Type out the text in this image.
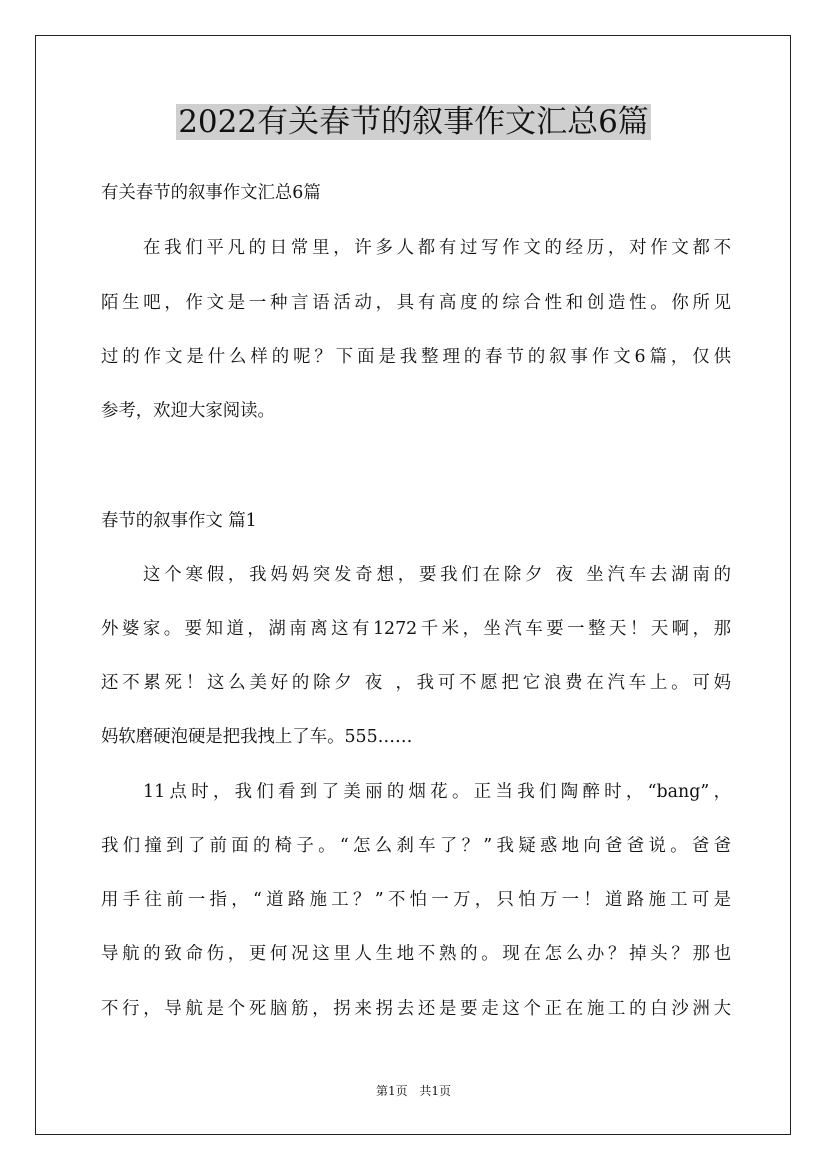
2022有关春节的叙事作文汇总6篇
有关春节的叙事作文汇总6篇
在我们平凡的日常里，许多人都有过写作文的经历，对作文都不
陌生吧，作文是一种言语活动，具有高度的综合性和创造性。你所见
过的作文是什么样的呢？下面是我整理的春节的叙事作文6篇，仅供
参考，欢迎大家阅读。
春节的叙事作文 篇1
这个寒假，我妈妈突发奇想，要我们在除夕 夜 坐汽车去湖南的
外婆家。要知道，湖南离这有1272千米，坐汽车要一整天！天啊，那
还不累死！这么美好的除夕 夜 ，我可不愿把它浪费在汽车上。可妈
妈软磨硬泡硬是把我拽上了车。555……
11点时，我们看到了美丽的烟花。正当我们陶醉时，“bang”，
我们撞到了前面的椅子。“怎么刹车了？”我疑惑地向爸爸说。爸爸
用手往前一指，“道路施工？”不怕一万，只怕万一！道路施工可是
导航的致命伤，更何况这里人生地不熟的。现在怎么办？掉头？那也
不行，导航是个死脑筋，拐来拐去还是要走这个正在施工的白沙洲大
第1页 共1页
